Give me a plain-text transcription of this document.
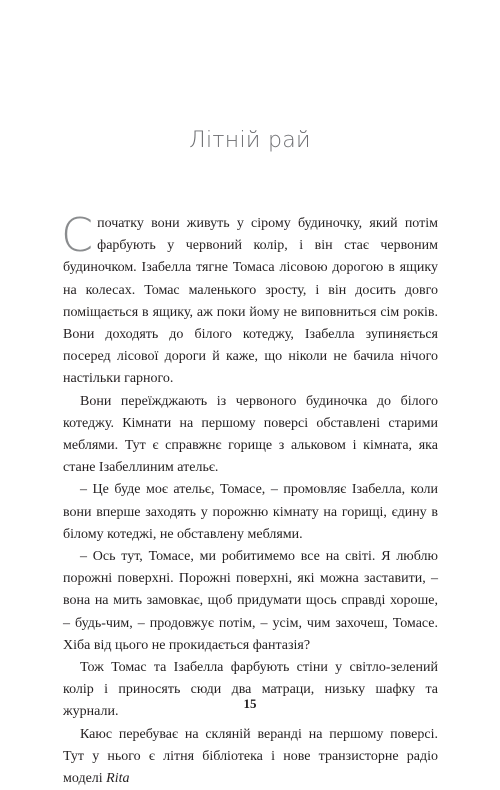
Літній рай

Спочатку вони живуть у сірому будиночку, який потім фарбують у червоний колір, і він стає червоним будиночком. Ізабелла тягне Томаса лісовою дорогою в ящику на колесах. Томас маленького зросту, і він досить довго поміщається в ящику, аж поки йому не виповниться сім років. Вони доходять до білого котеджу, Ізабелла зупиняється посеред лісової дороги й каже, що ніколи не бачила нічого настільки гарного.

Вони переїжджають із червоного будиночка до білого котеджу. Кімнати на першому поверсі обставлені старими меблями. Тут є справжнє горище з альковом і кімната, яка стане Ізабеллиним ательє.

– Це буде моє ательє, Томасе, – промовляє Ізабелла, коли вони вперше заходять у порожню кімнату на горищі, єдину в білому котеджі, не обставлену меблями.

– Ось тут, Томасе, ми робитимемо все на світі. Я люблю порожні поверхні. Порожні поверхні, які можна заставити, – вона на мить замовкає, щоб придумати щось справді хороше, – будь-чим, – продовжує потім, – усім, чим захочеш, Томасе. Хіба від цього не прокидається фантазія?

Тож Томас та Ізабелла фарбують стіни у світло-зелений колір і приносять сюди два матраци, низьку шафку та журнали.

Каюс перебуває на скляній веранді на першому поверсі. Тут у нього є літня бібліотека і нове транзисторне радіо моделі Rita

15
